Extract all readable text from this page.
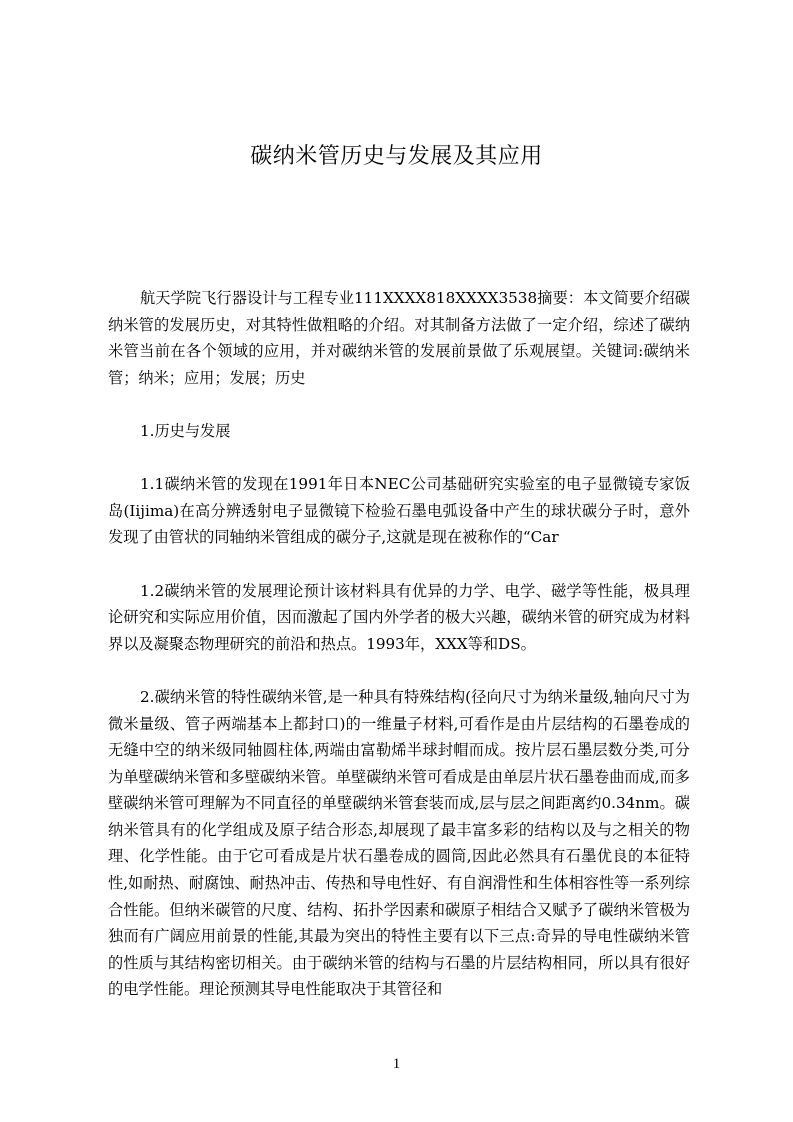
碳纳米管历史与发展及其应用

航天学院飞行器设计与工程专业111XXXX818XXXX3538摘要：本文简要介绍碳纳米管的发展历史，对其特性做粗略的介绍。对其制备方法做了一定介绍，综述了碳纳米管当前在各个领域的应用，并对碳纳米管的发展前景做了乐观展望。关键词:碳纳米管；纳米；应用；发展；历史

1.历史与发展

1.1碳纳米管的发现在1991年日本NEC公司基础研究实验室的电子显微镜专家饭岛(Iijima)在高分辨透射电子显微镜下检验石墨电弧设备中产生的球状碳分子时，意外发现了由管状的同轴纳米管组成的碳分子,这就是现在被称作的“Car

1.2碳纳米管的发展理论预计该材料具有优异的力学、电学、磁学等性能，极具理论研究和实际应用价值，因而激起了国内外学者的极大兴趣，碳纳米管的研究成为材料界以及凝聚态物理研究的前沿和热点。1993年，XXX等和DS。

2.碳纳米管的特性碳纳米管,是一种具有特殊结构(径向尺寸为纳米量级,轴向尺寸为微米量级、管子两端基本上都封口)的一维量子材料,可看作是由片层结构的石墨卷成的无缝中空的纳米级同轴圆柱体,两端由富勒烯半球封帽而成。按片层石墨层数分类,可分为单壁碳纳米管和多壁碳纳米管。单壁碳纳米管可看成是由单层片状石墨卷曲而成,而多壁碳纳米管可理解为不同直径的单壁碳纳米管套装而成,层与层之间距离约0.34nm。碳纳米管具有的化学组成及原子结合形态,却展现了最丰富多彩的结构以及与之相关的物理、化学性能。由于它可看成是片状石墨卷成的圆筒,因此必然具有石墨优良的本征特性,如耐热、耐腐蚀、耐热冲击、传热和导电性好、有自润滑性和生体相容性等一系列综合性能。但纳米碳管的尺度、结构、拓扑学因素和碳原子相结合又赋予了碳纳米管极为独而有广阔应用前景的性能,其最为突出的特性主要有以下三点:奇异的导电性碳纳米管的性质与其结构密切相关。由于碳纳米管的结构与石墨的片层结构相同，所以具有很好的电学性能。理论预测其导电性能取决于其管径和

1
